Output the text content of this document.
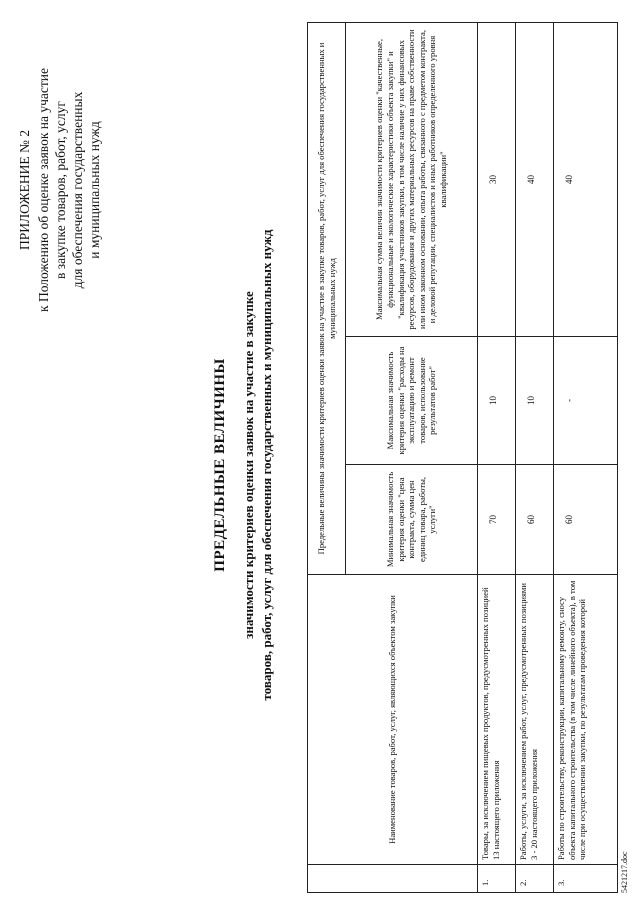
ПРИЛОЖЕНИЕ № 2 к Положению об оценке заявок на участие в закупке товаров, работ, услуг для обеспечения государственных и муниципальных нужд
ПРЕДЕЛЬНЫЕ ВЕЛИЧИНЫ значимости критериев оценки заявок на участие в закупке товаров, работ, услуг для обеспечения государственных и муниципальных нужд
	Наименование товаров, работ, услуг, являющихся объектом закупки	Предельные величины значимости критериев оценки заявок на участие в закупке товаров, работ, услуг для обеспечения государственных и муниципальных нужд		
		Минимальная значимость критерия оценки "цена контракта, сумма цен единиц товара, работы, услуги"	Максимальная значимость критерия оценки "расходы на эксплуатацию и ремонт товаров, использование результатов работ"	Максимальная сумма величин значимости критериев оценки "качественные, функциональные и экологические характеристики объекта закупки" и "квалификация участников закупки, в том числе наличие у них финансовых ресурсов, оборудования и других материальных ресурсов на праве собственности или ином законном основании, опыта работы, связанного с предметом контракта, и деловой репутации, специалистов и иных работников определенного уровня квалификации"
1.	Товары, за исключением пищевых продуктов, предусмотренных позицией 13 настоящего приложения	70	10	30
2.	Работы, услуги, за исключением работ, услуг, предусмотренных позициями 3 - 20 настоящего приложения	60	10	40
3.	Работы по строительству, реконструкции, капитальному ремонту, сносу объекта капитального строительства (в том числе линейного объекта), в том числе при осуществлении закупки, по результатам проведения которой	60	-	40
5421217.doc
